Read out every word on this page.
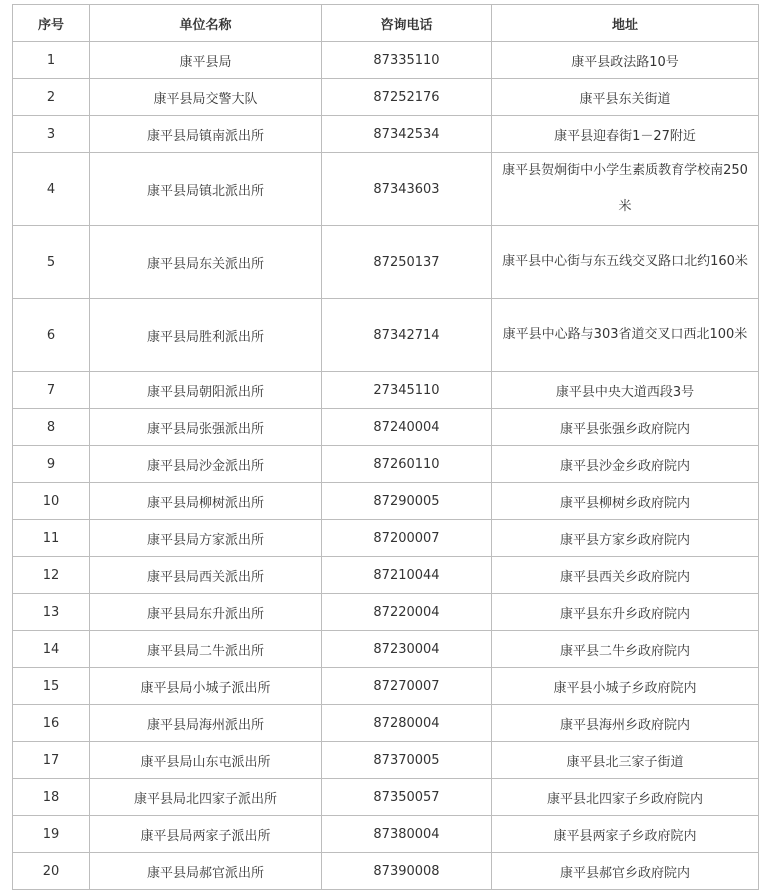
序号	单位名称	咨询电话	地址
1	康平县局	87335110	康平县政法路10号
2	康平县局交警大队	87252176	康平县东关街道
3	康平县局镇南派出所	87342534	康平县迎春街1－27附近
4	康平县局镇北派出所	87343603	康平县贺炯街中小学生素质教育学校南250米
5	康平县局东关派出所	87250137	康平县中心街与东五线交叉路口北约160米
6	康平县局胜利派出所	87342714	康平县中心路与303省道交叉口西北100米
7	康平县局朝阳派出所	27345110	康平县中央大道西段3号
8	康平县局张强派出所	87240004	康平县张强乡政府院内
9	康平县局沙金派出所	87260110	康平县沙金乡政府院内
10	康平县局柳树派出所	87290005	康平县柳树乡政府院内
11	康平县局方家派出所	87200007	康平县方家乡政府院内
12	康平县局西关派出所	87210044	康平县西关乡政府院内
13	康平县局东升派出所	87220004	康平县东升乡政府院内
14	康平县局二牛派出所	87230004	康平县二牛乡政府院内
15	康平县局小城子派出所	87270007	康平县小城子乡政府院内
16	康平县局海州派出所	87280004	康平县海州乡政府院内
17	康平县局山东屯派出所	87370005	康平县北三家子街道
18	康平县局北四家子派出所	87350057	康平县北四家子乡政府院内
19	康平县局两家子派出所	87380004	康平县两家子乡政府院内
20	康平县局郝官派出所	87390008	康平县郝官乡政府院内
